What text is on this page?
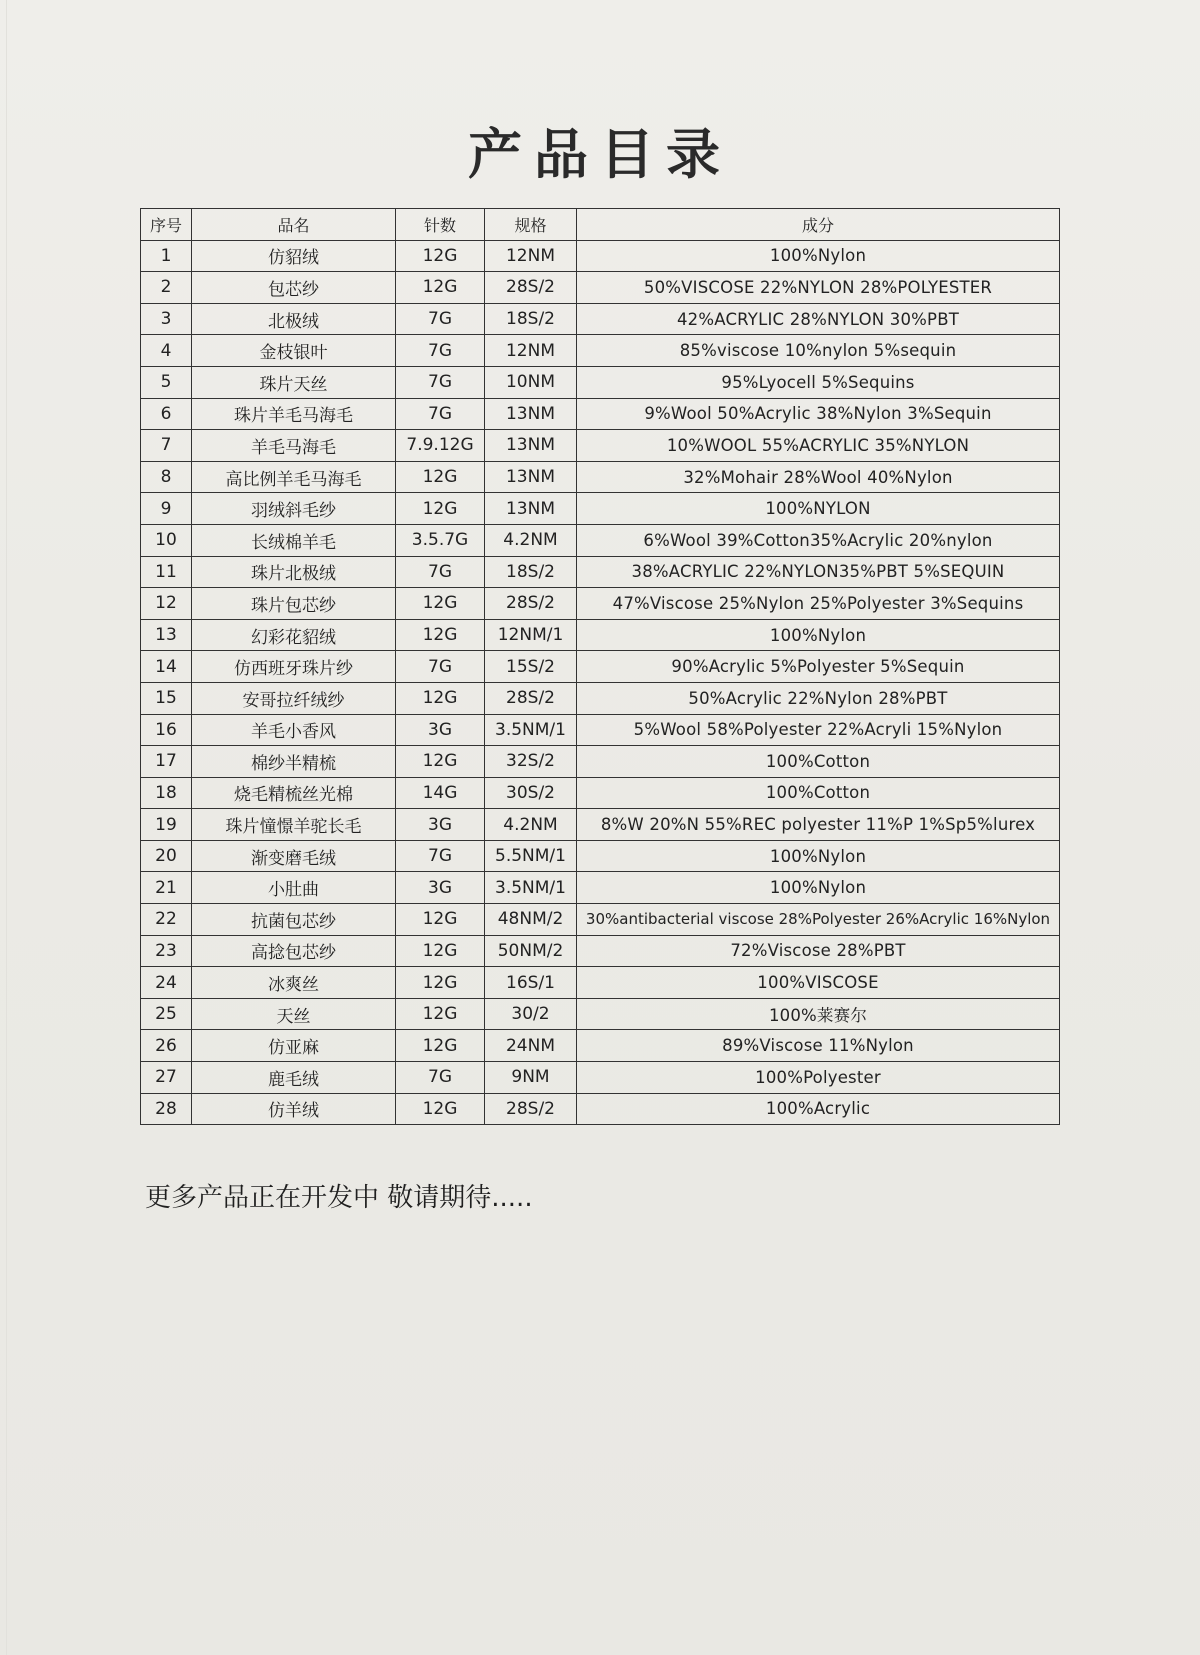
产品目录
序号	品名	针数	规格	成分
1	仿貂绒	12G	12NM	100%Nylon
2	包芯纱	12G	28S/2	50%VISCOSE 22%NYLON 28%POLYESTER
3	北极绒	7G	18S/2	42%ACRYLIC 28%NYLON 30%PBT
4	金枝银叶	7G	12NM	85%viscose 10%nylon 5%sequin
5	珠片天丝	7G	10NM	95%Lyocell 5%Sequins
6	珠片羊毛马海毛	7G	13NM	9%Wool 50%Acrylic 38%Nylon 3%Sequin
7	羊毛马海毛	7.9.12G	13NM	10%WOOL 55%ACRYLIC 35%NYLON
8	高比例羊毛马海毛	12G	13NM	32%Mohair 28%Wool 40%Nylon
9	羽绒斜毛纱	12G	13NM	100%NYLON
10	长绒棉羊毛	3.5.7G	4.2NM	6%Wool 39%Cotton35%Acrylic 20%nylon
11	珠片北极绒	7G	18S/2	38%ACRYLIC 22%NYLON35%PBT 5%SEQUIN
12	珠片包芯纱	12G	28S/2	47%Viscose 25%Nylon 25%Polyester 3%Sequins
13	幻彩花貂绒	12G	12NM/1	100%Nylon
14	仿西班牙珠片纱	7G	15S/2	90%Acrylic 5%Polyester 5%Sequin
15	安哥拉纤绒纱	12G	28S/2	50%Acrylic 22%Nylon 28%PBT
16	羊毛小香风	3G	3.5NM/1	5%Wool 58%Polyester 22%Acryli 15%Nylon
17	棉纱半精梳	12G	32S/2	100%Cotton
18	烧毛精梳丝光棉	14G	30S/2	100%Cotton
19	珠片憧憬羊驼长毛	3G	4.2NM	8%W 20%N 55%REC polyester 11%P 1%Sp5%lurex
20	渐变磨毛绒	7G	5.5NM/1	100%Nylon
21	小肚曲	3G	3.5NM/1	100%Nylon
22	抗菌包芯纱	12G	48NM/2	30%antibacterial viscose 28%Polyester 26%Acrylic 16%Nylon
23	高捻包芯纱	12G	50NM/2	72%Viscose 28%PBT
24	冰爽丝	12G	16S/1	100%VISCOSE
25	天丝	12G	30/2	100%莱赛尔
26	仿亚麻	12G	24NM	89%Viscose 11%Nylon
27	鹿毛绒	7G	9NM	100%Polyester
28	仿羊绒	12G	28S/2	100%Acrylic

更多产品正在开发中 敬请期待.....
